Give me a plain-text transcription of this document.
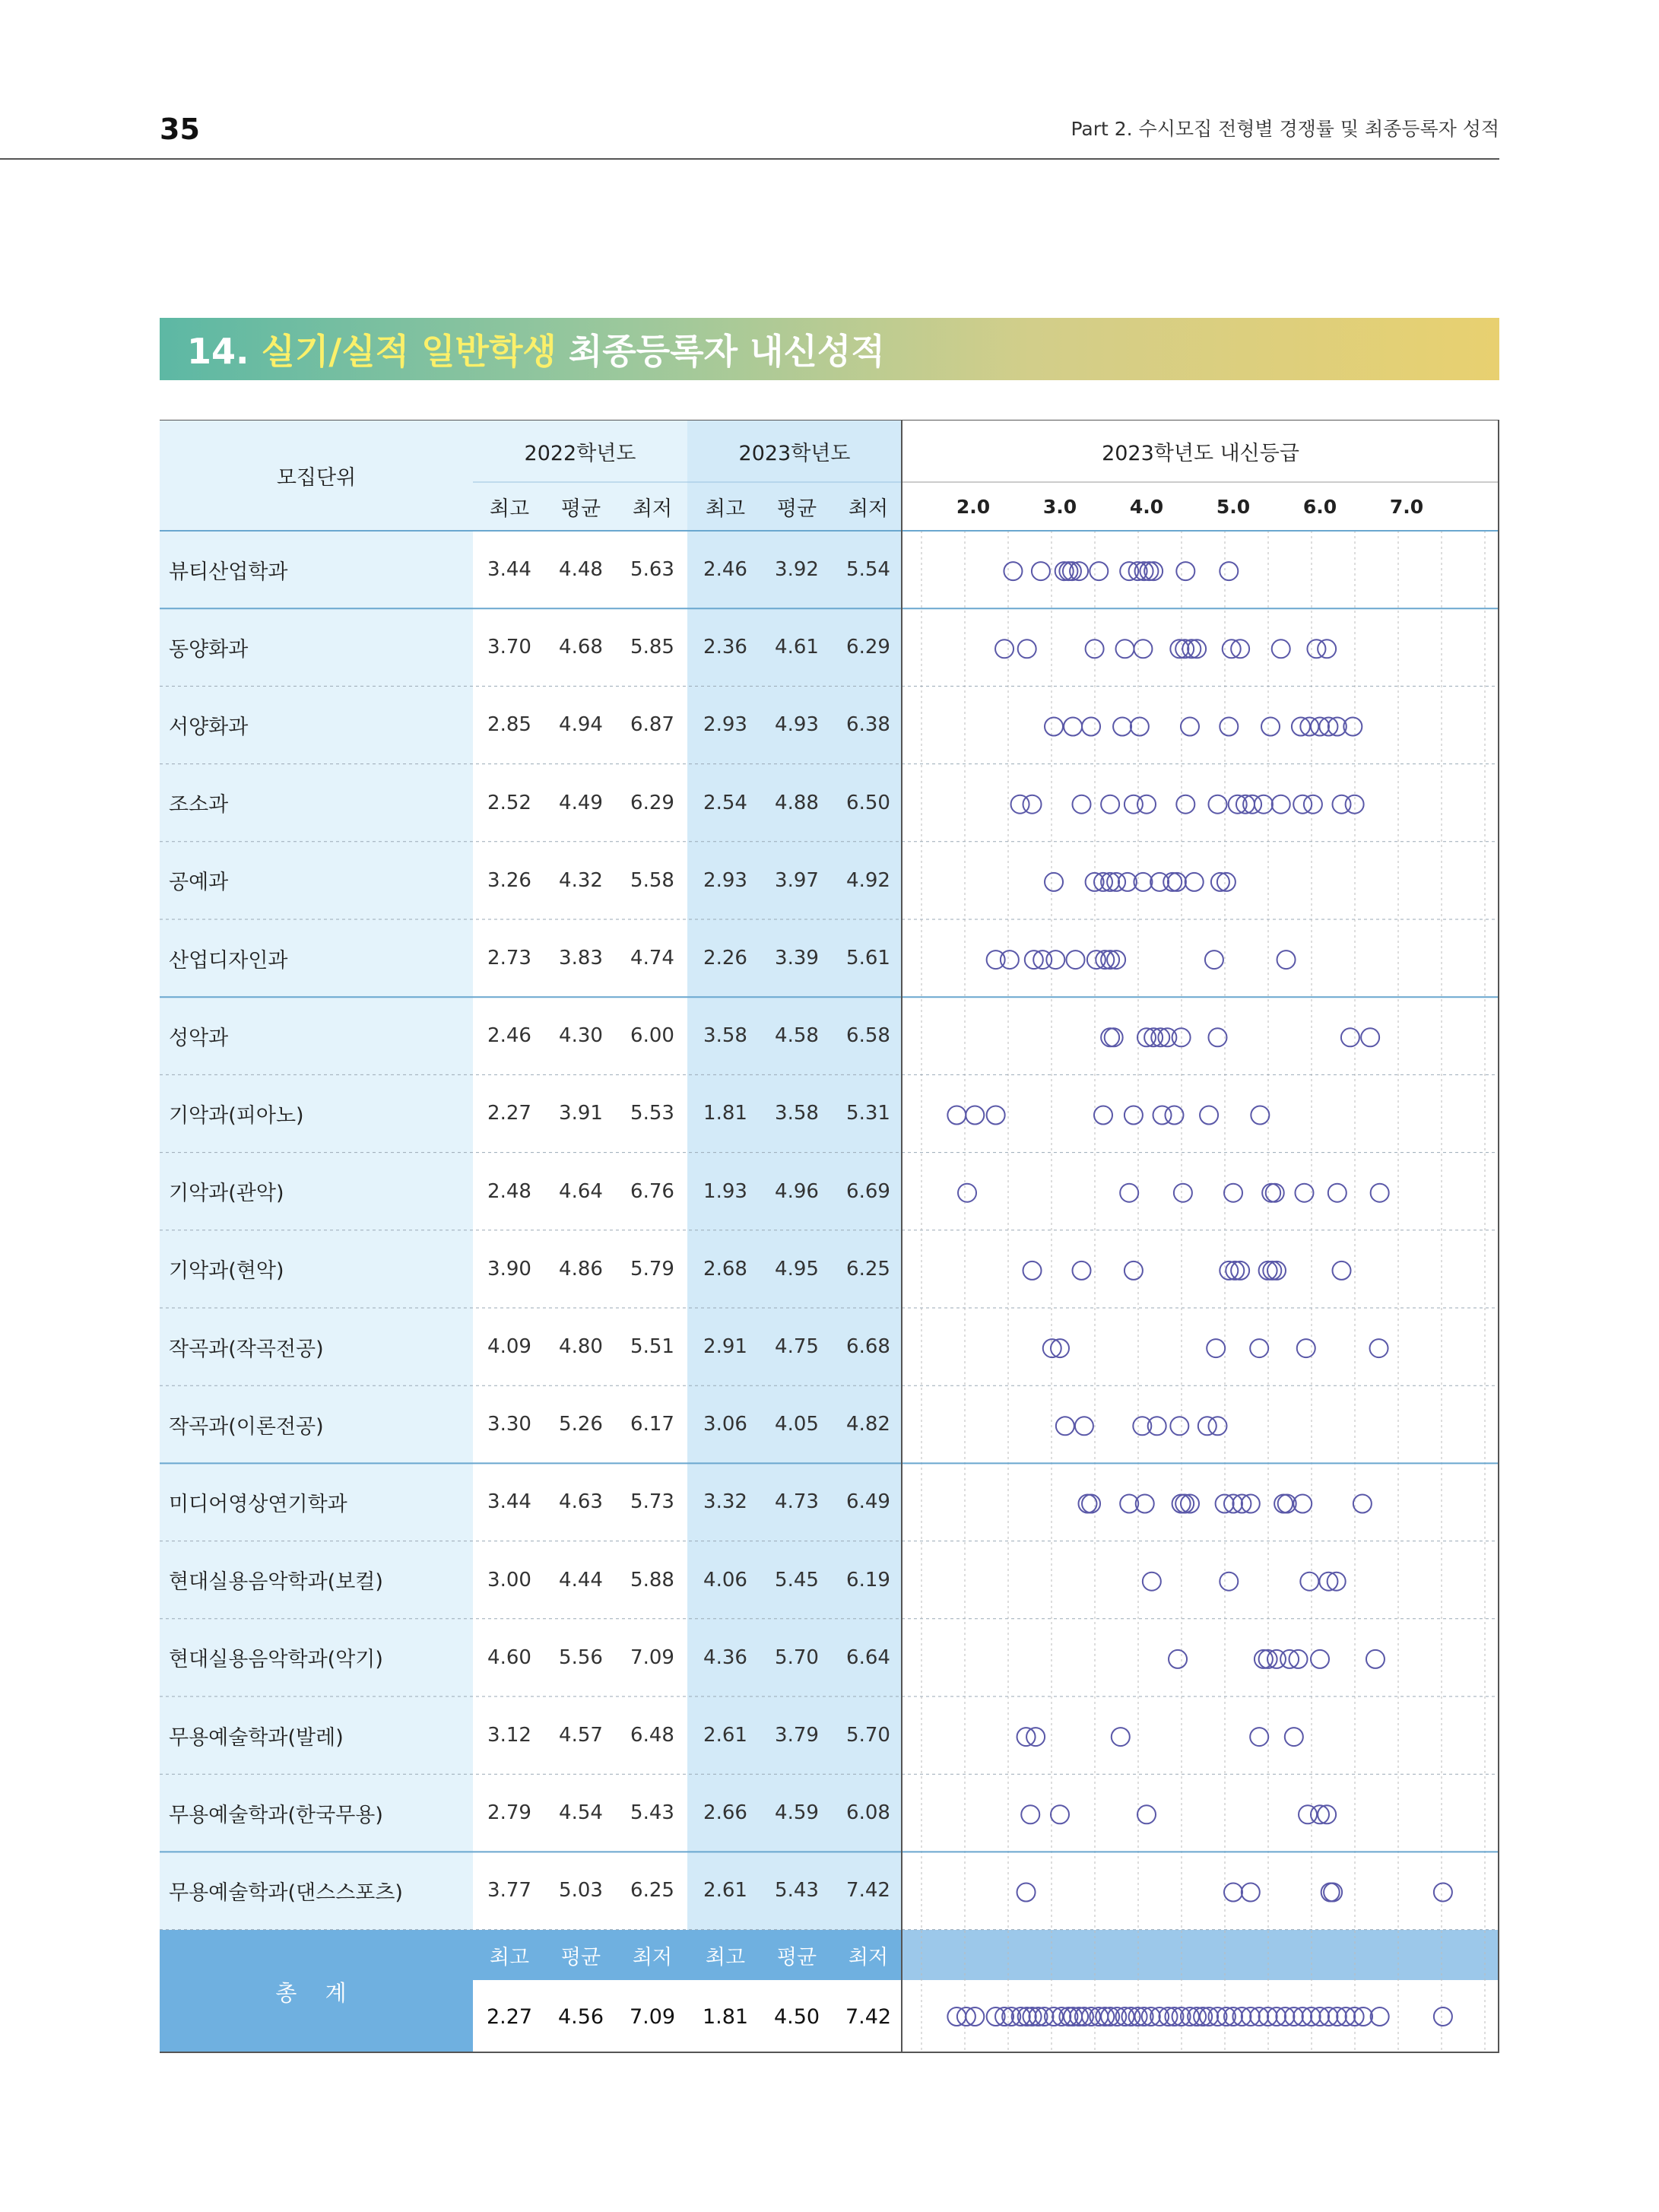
35	Part 2. 수시모집 전형별 경쟁률 및 최종등록자 성적
14. 실기/실적 일반학생 최종등록자 내신성적
모집단위
2022학년도	2023학년도	2023학년도 내신등급
최고	평균	최저	최고	평균	최저	2.0	3.0	4.0	5.0	6.0	7.0
뷰티산업학과	3.44	4.48	5.63	2.46	3.92	5.54
동양화과	3.70	4.68	5.85	2.36	4.61	6.29
서양화과	2.85	4.94	6.87	2.93	4.93	6.38
조소과	2.52	4.49	6.29	2.54	4.88	6.50
공예과	3.26	4.32	5.58	2.93	3.97	4.92
산업디자인과	2.73	3.83	4.74	2.26	3.39	5.61
성악과	2.46	4.30	6.00	3.58	4.58	6.58
기악과(피아노)	2.27	3.91	5.53	1.81	3.58	5.31
기악과(관악)	2.48	4.64	6.76	1.93	4.96	6.69
기악과(현악)	3.90	4.86	5.79	2.68	4.95	6.25
작곡과(작곡전공)	4.09	4.80	5.51	2.91	4.75	6.68
작곡과(이론전공)	3.30	5.26	6.17	3.06	4.05	4.82
미디어영상연기학과	3.44	4.63	5.73	3.32	4.73	6.49
현대실용음악학과(보컬)	3.00	4.44	5.88	4.06	5.45	6.19
현대실용음악학과(악기)	4.60	5.56	7.09	4.36	5.70	6.64
무용예술학과(발레)	3.12	4.57	6.48	2.61	3.79	5.70
무용예술학과(한국무용)	2.79	4.54	5.43	2.66	4.59	6.08
무용예술학과(댄스스포츠)	3.77	5.03	6.25	2.61	5.43	7.42
총 계
최고	평균	최저	최고	평균	최저
2.27	4.56	7.09	1.81	4.50	7.42
